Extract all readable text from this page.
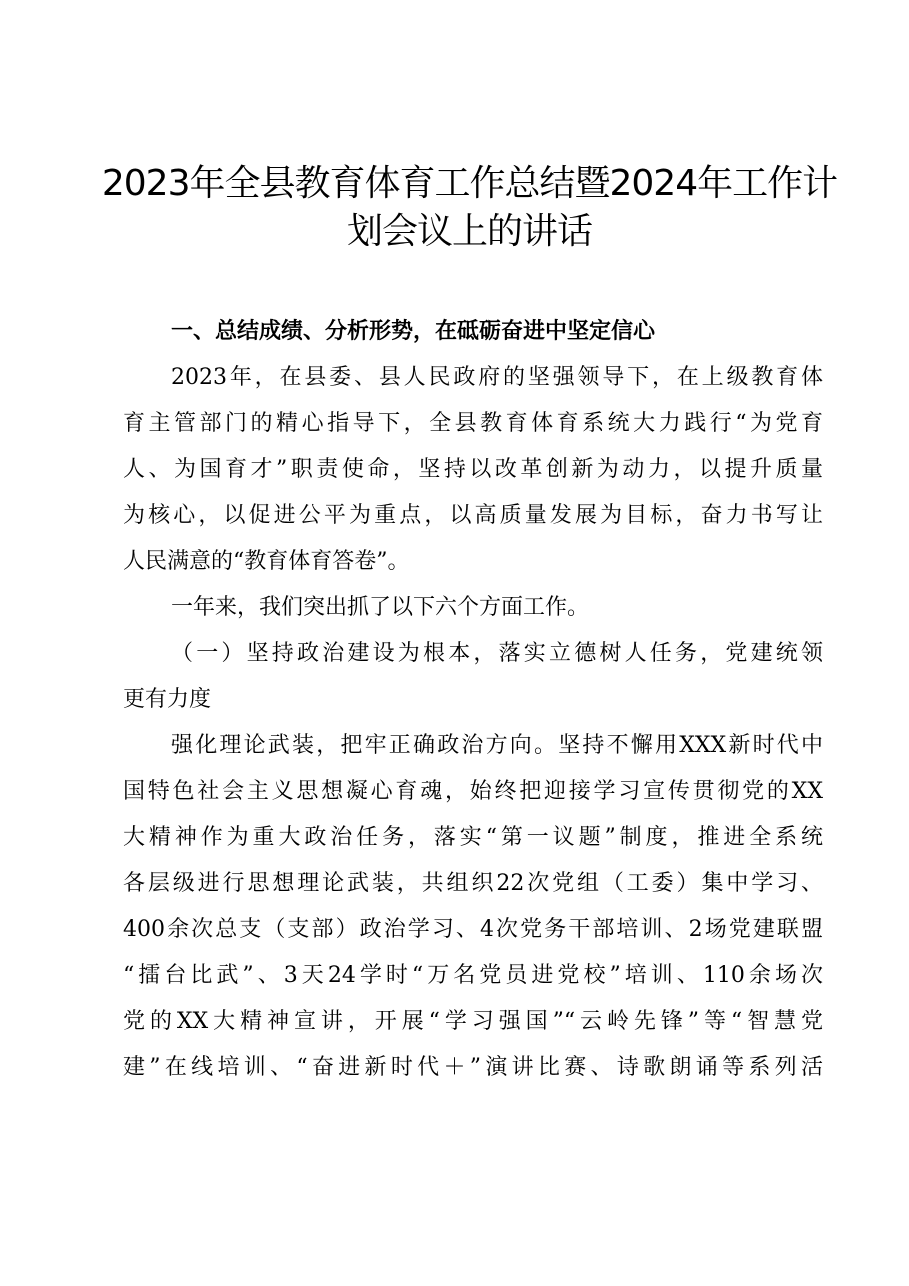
2023年全县教育体育工作总结暨2024年工作计
划会议上的讲话
一、总结成绩、分析形势，在砥砺奋进中坚定信心
2023年，在县委、县人民政府的坚强领导下，在上级教育体
育主管部门的精心指导下，全县教育体育系统大力践行“为党育
人、为国育才”职责使命，坚持以改革创新为动力，以提升质量
为核心，以促进公平为重点，以高质量发展为目标，奋力书写让
人民满意的“教育体育答卷”。
一年来，我们突出抓了以下六个方面工作。
（一）坚持政治建设为根本，落实立德树人任务，党建统领
更有力度
强化理论武装，把牢正确政治方向。坚持不懈用XXX新时代中
国特色社会主义思想凝心育魂，始终把迎接学习宣传贯彻党的XX
大精神作为重大政治任务，落实“第一议题”制度，推进全系统
各层级进行思想理论武装，共组织22次党组（工委）集中学习、
400余次总支（支部）政治学习、4次党务干部培训、2场党建联盟
“擂台比武”、3天24学时“万名党员进党校”培训、110余场次
党的XX大精神宣讲，开展“学习强国”“云岭先锋”等“智慧党
建”在线培训、“奋进新时代＋”演讲比赛、诗歌朗诵等系列活
